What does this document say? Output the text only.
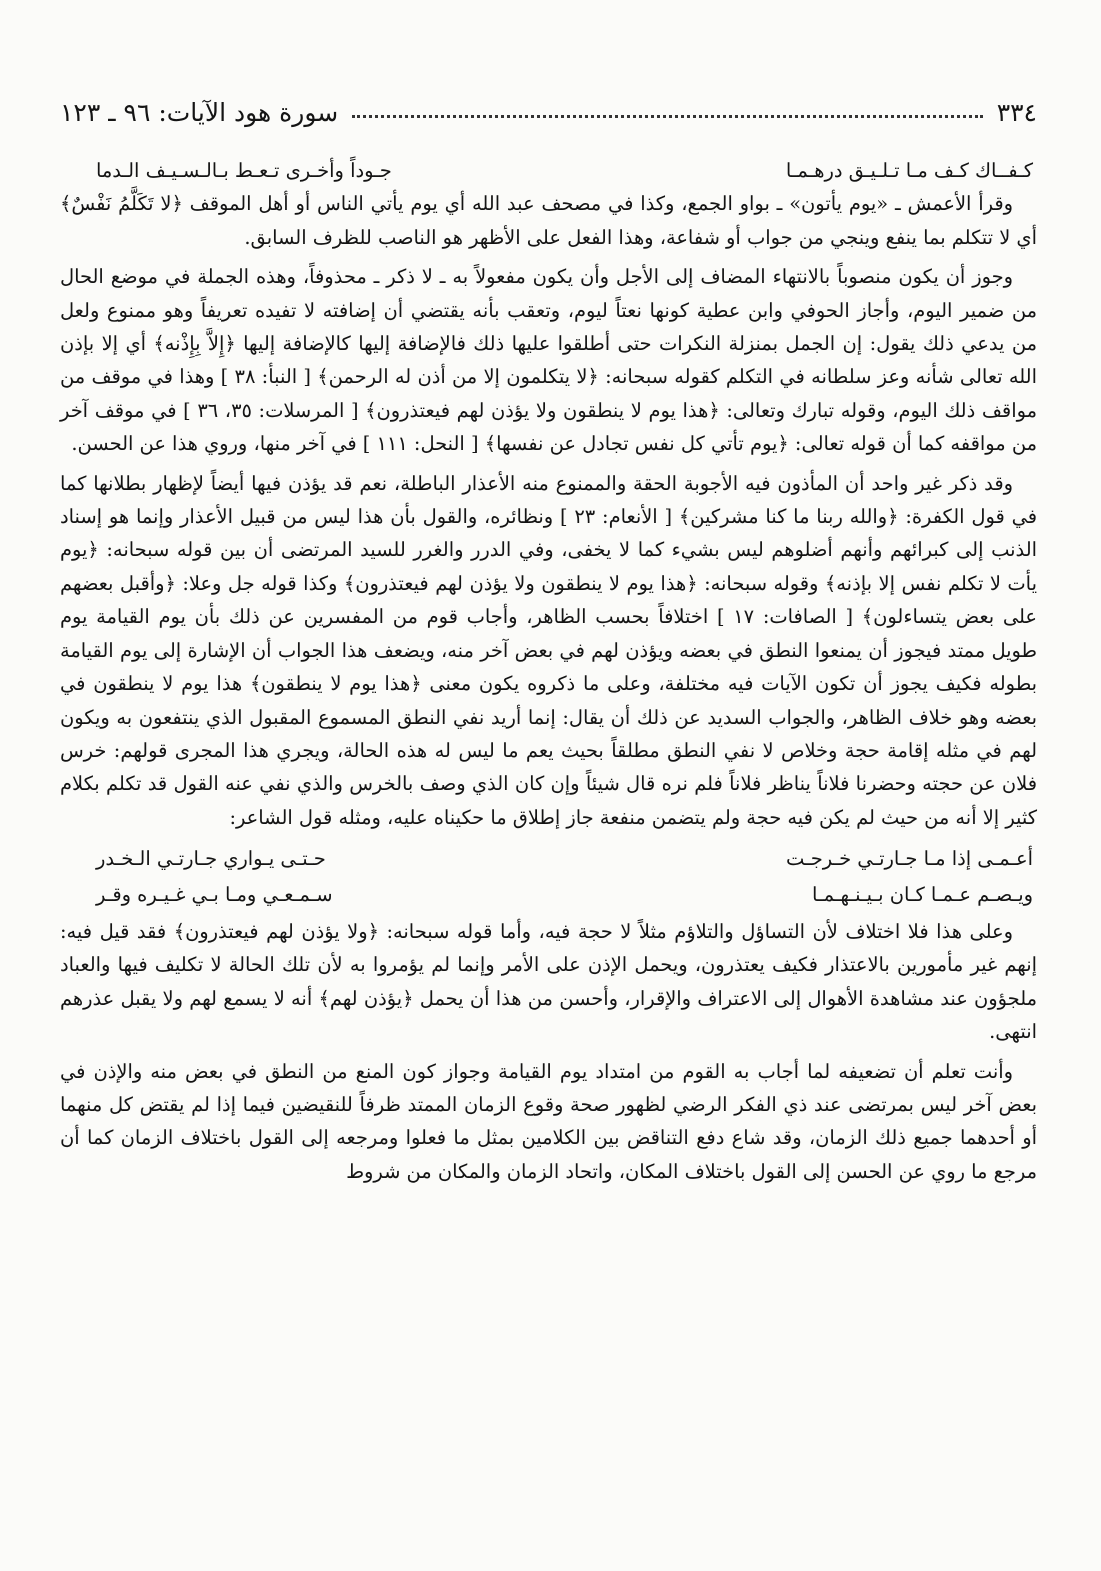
٣٣٤
سورة هود الآيات: ٩٦ ـ ١٢٣
كـفــاك كـف مـا تـلـيـق درهـمـا
جـوداً وأخـرى تـعـط بـالـسـيـف الـدما

وقرأ الأعمش ـ «يوم يأتون» ـ بواو الجمع، وكذا في مصحف عبد الله أي يوم يأتي الناس أو أهل الموقف ﴿لا تَكَلَّمُ نَفْسٌ﴾ أي لا تتكلم بما ينفع وينجي من جواب أو شفاعة، وهذا الفعل على الأظهر هو الناصب للظرف السابق.

وجوز أن يكون منصوباً بالانتهاء المضاف إلى الأجل وأن يكون مفعولاً به ـ لا ذكر ـ محذوفاً، وهذه الجملة في موضع الحال من ضمير اليوم، وأجاز الحوفي وابن عطية كونها نعتاً ليوم، وتعقب بأنه يقتضي أن إضافته لا تفيده تعريفاً وهو ممنوع ولعل من يدعي ذلك يقول: إن الجمل بمنزلة النكرات حتى أطلقوا عليها ذلك فالإضافة إليها كالإضافة إليها ﴿إِلاَّ بِإِذْنه﴾ أي إلا بإذن الله تعالى شأنه وعز سلطانه في التكلم كقوله سبحانه: ﴿لا يتكلمون إلا من أذن له الرحمن﴾ [ النبأ: ٣٨ ] وهذا في موقف من مواقف ذلك اليوم، وقوله تبارك وتعالى: ﴿هذا يوم لا ينطقون ولا يؤذن لهم فيعتذرون﴾ [ المرسلات: ٣٥، ٣٦ ] في موقف آخر من مواقفه كما أن قوله تعالى: ﴿يوم تأتي كل نفس تجادل عن نفسها﴾ [ النحل: ١١١ ] في آخر منها، وروي هذا عن الحسن.

وقد ذكر غير واحد أن المأذون فيه الأجوبة الحقة والممنوع منه الأعذار الباطلة، نعم قد يؤذن فيها أيضاً لإظهار بطلانها كما في قول الكفرة: ﴿والله ربنا ما كنا مشركين﴾ [ الأنعام: ٢٣ ] ونظائره، والقول بأن هذا ليس من قبيل الأعذار وإنما هو إسناد الذنب إلى كبرائهم وأنهم أضلوهم ليس بشيء كما لا يخفى، وفي الدرر والغرر للسيد المرتضى أن بين قوله سبحانه: ﴿يوم يأت لا تكلم نفس إلا بإذنه﴾ وقوله سبحانه: ﴿هذا يوم لا ينطقون ولا يؤذن لهم فيعتذرون﴾ وكذا قوله جل وعلا: ﴿وأقبل بعضهم على بعض يتساءلون﴾ [ الصافات: ١٧ ] اختلافاً بحسب الظاهر، وأجاب قوم من المفسرين عن ذلك بأن يوم القيامة يوم طويل ممتد فيجوز أن يمنعوا النطق في بعضه ويؤذن لهم في بعض آخر منه، ويضعف هذا الجواب أن الإشارة إلى يوم القيامة بطوله فكيف يجوز أن تكون الآيات فيه مختلفة، وعلى ما ذكروه يكون معنى ﴿هذا يوم لا ينطقون﴾ هذا يوم لا ينطقون في بعضه وهو خلاف الظاهر، والجواب السديد عن ذلك أن يقال: إنما أريد نفي النطق المسموع المقبول الذي ينتفعون به ويكون لهم في مثله إقامة حجة وخلاص لا نفي النطق مطلقاً بحيث يعم ما ليس له هذه الحالة، ويجري هذا المجرى قولهم: خرس فلان عن حجته وحضرنا فلاناً يناظر فلاناً فلم نره قال شيئاً وإن كان الذي وصف بالخرس والذي نفي عنه القول قد تكلم بكلام كثير إلا أنه من حيث لم يكن فيه حجة ولم يتضمن منفعة جاز إطلاق ما حكيناه عليه، ومثله قول الشاعر:

أعـمـى إذا مـا جـارتـي خـرجـت
حـتـى يـواري جـارتـي الـخـدر
ويـصـم عـمـا كـان بـيـنـهـمـا
سـمـعـي ومـا بـي غـيـره وقـر

وعلى هذا فلا اختلاف لأن التساؤل والتلاؤم مثلاً لا حجة فيه، وأما قوله سبحانه: ﴿ولا يؤذن لهم فيعتذرون﴾ فقد قيل فيه: إنهم غير مأمورين بالاعتذار فكيف يعتذرون، ويحمل الإذن على الأمر وإنما لم يؤمروا به لأن تلك الحالة لا تكليف فيها والعباد ملجؤون عند مشاهدة الأهوال إلى الاعتراف والإقرار، وأحسن من هذا أن يحمل ﴿يؤذن لهم﴾ أنه لا يسمع لهم ولا يقبل عذرهم انتهى.

وأنت تعلم أن تضعيفه لما أجاب به القوم من امتداد يوم القيامة وجواز كون المنع من النطق في بعض منه والإذن في بعض آخر ليس بمرتضى عند ذي الفكر الرضي لظهور صحة وقوع الزمان الممتد ظرفاً للنقيضين فيما إذا لم يقتض كل منهما أو أحدهما جميع ذلك الزمان، وقد شاع دفع التناقض بين الكلامين بمثل ما فعلوا ومرجعه إلى القول باختلاف الزمان كما أن مرجع ما روي عن الحسن إلى القول باختلاف المكان، واتحاد الزمان والمكان من شروط
